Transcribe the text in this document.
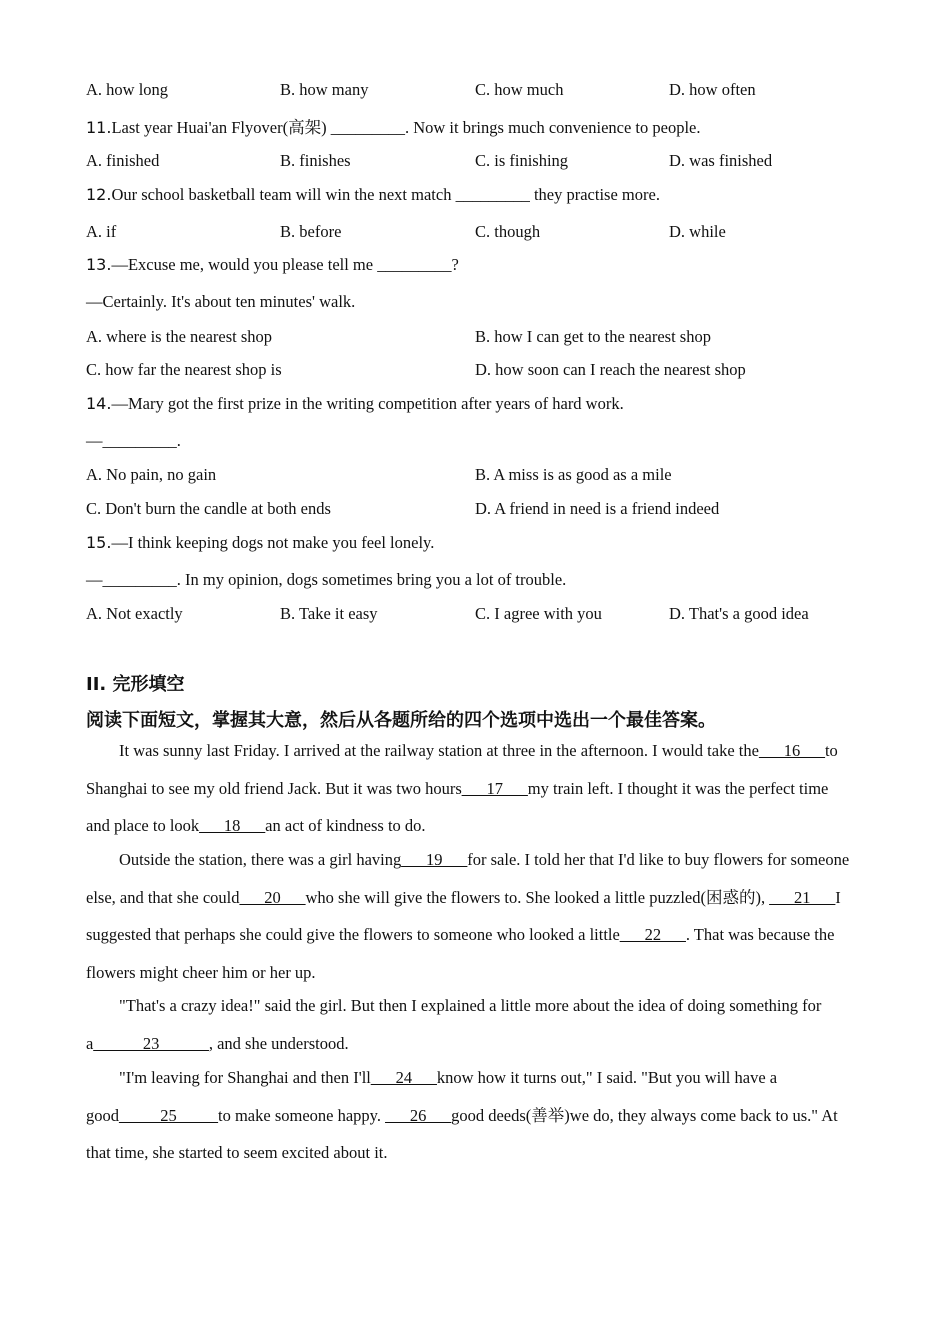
A. how long	B. how many	C. how much	D. how often
11.Last year Huai'an Flyover(高架) _________. Now it brings much convenience to people.
A. finished	B. finishes	C. is finishing	D. was finished
12.Our school basketball team will win the next match _________ they practise more.
A. if	B. before	C. though	D. while
13.—Excuse me, would you please tell me _________?
—Certainly. It's about ten minutes' walk.
A. where is the nearest shop	B. how I can get to the nearest shop
C. how far the nearest shop is	D. how soon can I reach the nearest shop
14.—Mary got the first prize in the writing competition after years of hard work.
—_________.
A. No pain, no gain	B. A miss is as good as a mile
C. Don't burn the candle at both ends	D. A friend in need is a friend indeed
15.—I think keeping dogs not make you feel lonely.
—_________. In my opinion, dogs sometimes bring you a lot of trouble.
A. Not exactly	B. Take it easy	C. I agree with you	D. That's a good idea
II. 完形填空
阅读下面短文，掌握其大意，然后从各题所给的四个选项中选出一个最佳答案。
It was sunny last Friday. I arrived at the railway station at three in the afternoon. I would take the___16___to
Shanghai to see my old friend Jack. But it was two hours___17___my train left. I thought it was the perfect time
and place to look___18___an act of kindness to do.
Outside the station, there was a girl having___19___for sale. I told her that I'd like to buy flowers for someone
else, and that she could___20___who she will give the flowers to. She looked a little puzzled(困惑的), ___21___I
suggested that perhaps she could give the flowers to someone who looked a little___22___. That was because the
flowers might cheer him or her up.
"That's a crazy idea!" said the girl. But then I explained a little more about the idea of doing something for
a______23______, and she understood.
"I'm leaving for Shanghai and then I'll___24___know how it turns out," I said. "But you will have a
good_____25_____to make someone happy. ___26___good deeds(善举)we do, they always come back to us." At
that time, she started to seem excited about it.
